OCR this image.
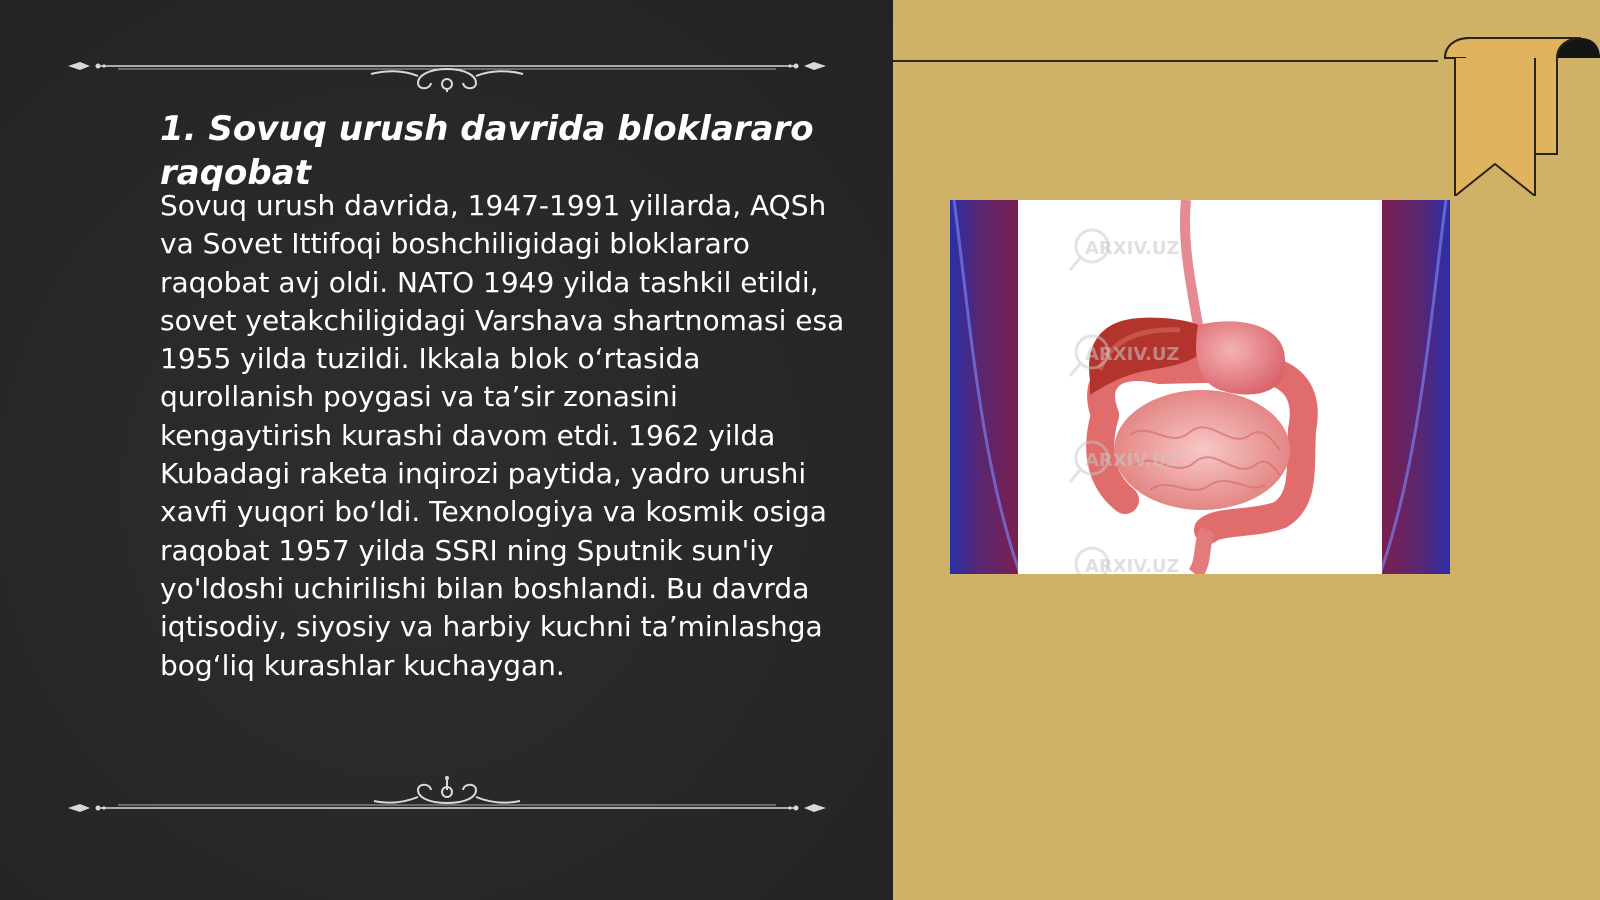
1. Sovuq urush davrida bloklararo raqobat

Sovuq urush davrida, 1947-1991 yillarda, AQSh va Sovet Ittifoqi boshchiligidagi bloklararo raqobat avj oldi. NATO 1949 yilda tashkil etildi, sovet yetakchiligidagi Varshava shartnomasi esa 1955 yilda tuzildi. Ikkala blok o‘rtasida qurollanish poygasi va ta’sir zonasini kengaytirish kurashi davom etdi. 1962 yilda Kubadagi raketa inqirozi paytida, yadro urushi xavfi yuqori bo‘ldi. Texnologiya va kosmik osiga raqobat 1957 yilda SSRI ning Sputnik sun'iy yo'ldoshi uchirilishi bilan boshlandi. Bu davrda iqtisodiy, siyosiy va harbiy kuchni ta’minlashga bog‘liq kurashlar kuchaygan.

ARXIV.UZ
ARXIV.UZ
ARXIV.UZ
ARXIV.UZ
